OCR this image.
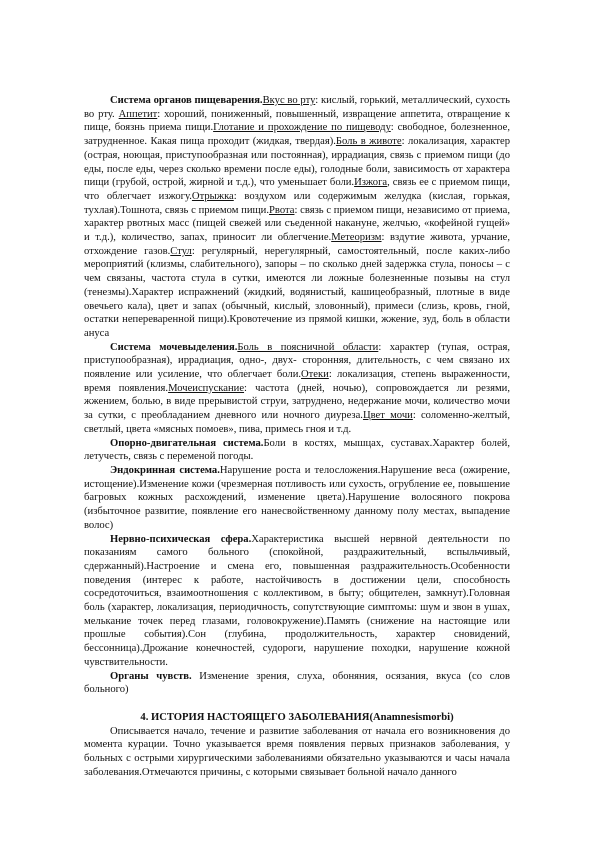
Система органов пищеварения.Вкус во рту: кислый, горький, металлический, сухость во рту. Аппетит: хороший, пониженный, повышенный, извращение аппетита, отвращение к пище, боязнь приема пищи.Глотание и прохождение по пищеводу: свободное, болезненное, затрудненное. Какая пища проходит (жидкая, твердая).Боль в животе: локализация, характер (острая, ноющая, приступообразная или постоянная), иррадиация, связь с приемом пищи (до еды, после еды, через сколько времени после еды), голодные боли, зависимость от характера пищи (грубой, острой, жирной и т.д.), что уменьшает боли.Изжога, связь ее с приемом пищи, что облегчает изжогу.Отрыжка: воздухом или содержимым желудка (кислая, горькая, тухлая).Тошнота, связь с приемом пищи.Рвота: связь с приемом пищи, независимо от приема, характер рвотных масс (пищей свежей или съеденной накануне, желчью, «кофейной гущей» и т.д.), количество, запах, приносит ли облегчение.Метеоризм: вздутие живота, урчание, отхождение газов.Стул: регулярный, нерегулярный, самостоятельный, после каких-либо мероприятий (клизмы, слабительного), запоры – по сколько дней задержка стула, поносы – с чем связаны, частота стула в сутки, имеются ли ложные болезненные позывы на стул (тенезмы).Характер испражнений (жидкий, водянистый, кашицеобразный, плотные в виде овечьего кала), цвет и запах (обычный, кислый, зловонный), примеси (слизь, кровь, гной, остатки непереваренной пищи).Кровотечение из прямой кишки, жжение, зуд, боль в области ануса

Система мочевыделения.Боль в поясничной области: характер (тупая, острая, приступообразная), иррадиация, одно-, двух- сторонняя, длительность, с чем связано их появление или усиление, что облегчает боли.Отеки: локализация, степень выраженности, время появления.Мочеиспускание: частота (дней, ночью), сопровождается ли резями, жжением, болью, в виде прерывистой струи, затруднено, недержание мочи, количество мочи за сутки, с преобладанием дневного или ночного диуреза.Цвет мочи: соломенно-желтый, светлый, цвета «мясных помоев», пива, примесь гноя и т.д.

Опорно-двигательная система.Боли в костях, мышцах, суставах.Характер болей, летучесть, связь с переменой погоды.

Эндокринная система.Нарушение роста и телосложения.Нарушение веса (ожирение, истощение).Изменение кожи (чрезмерная потливость или сухость, огрубление ее, повышение багровых кожных расхождений, изменение цвета).Нарушение волосяного покрова (избыточное развитие, появление его нанесвойственному данному полу местах, выпадение волос)

Нервно-психическая сфера.Характеристика высшей нервной деятельности по показаниям самого больного (спокойной, раздражительный, вспыльчивый, сдержанный).Настроение и смена его, повышенная раздражительность.Особенности поведения (интерес к работе, настойчивость в достижении цели, способность сосредоточиться, взаимоотношения с коллективом, в быту; общителен, замкнут).Головная боль (характер, локализация, периодичность, сопутствующие симптомы: шум и звон в ушах, мелькание точек перед глазами, головокружение).Память (снижение на настоящие или прошлые события).Сон (глубина, продолжительность, характер сновидений, бессонница).Дрожание конечностей, судороги, нарушение походки, нарушение кожной чувствительности.

Органы чувств. Изменение зрения, слуха, обоняния, осязания, вкуса (со слов больного)

4. ИСТОРИЯ НАСТОЯЩЕГО ЗАБОЛЕВАНИЯ(Anamnesismorbi)

Описывается начало, течение и развитие заболевания от начала его возникновения до момента курации. Точно указывается время появления первых признаков заболевания, у больных с острыми хирургическими заболеваниями обязательно указываются и часы начала заболевания.Отмечаются причины, с которыми связывает больной начало данного
